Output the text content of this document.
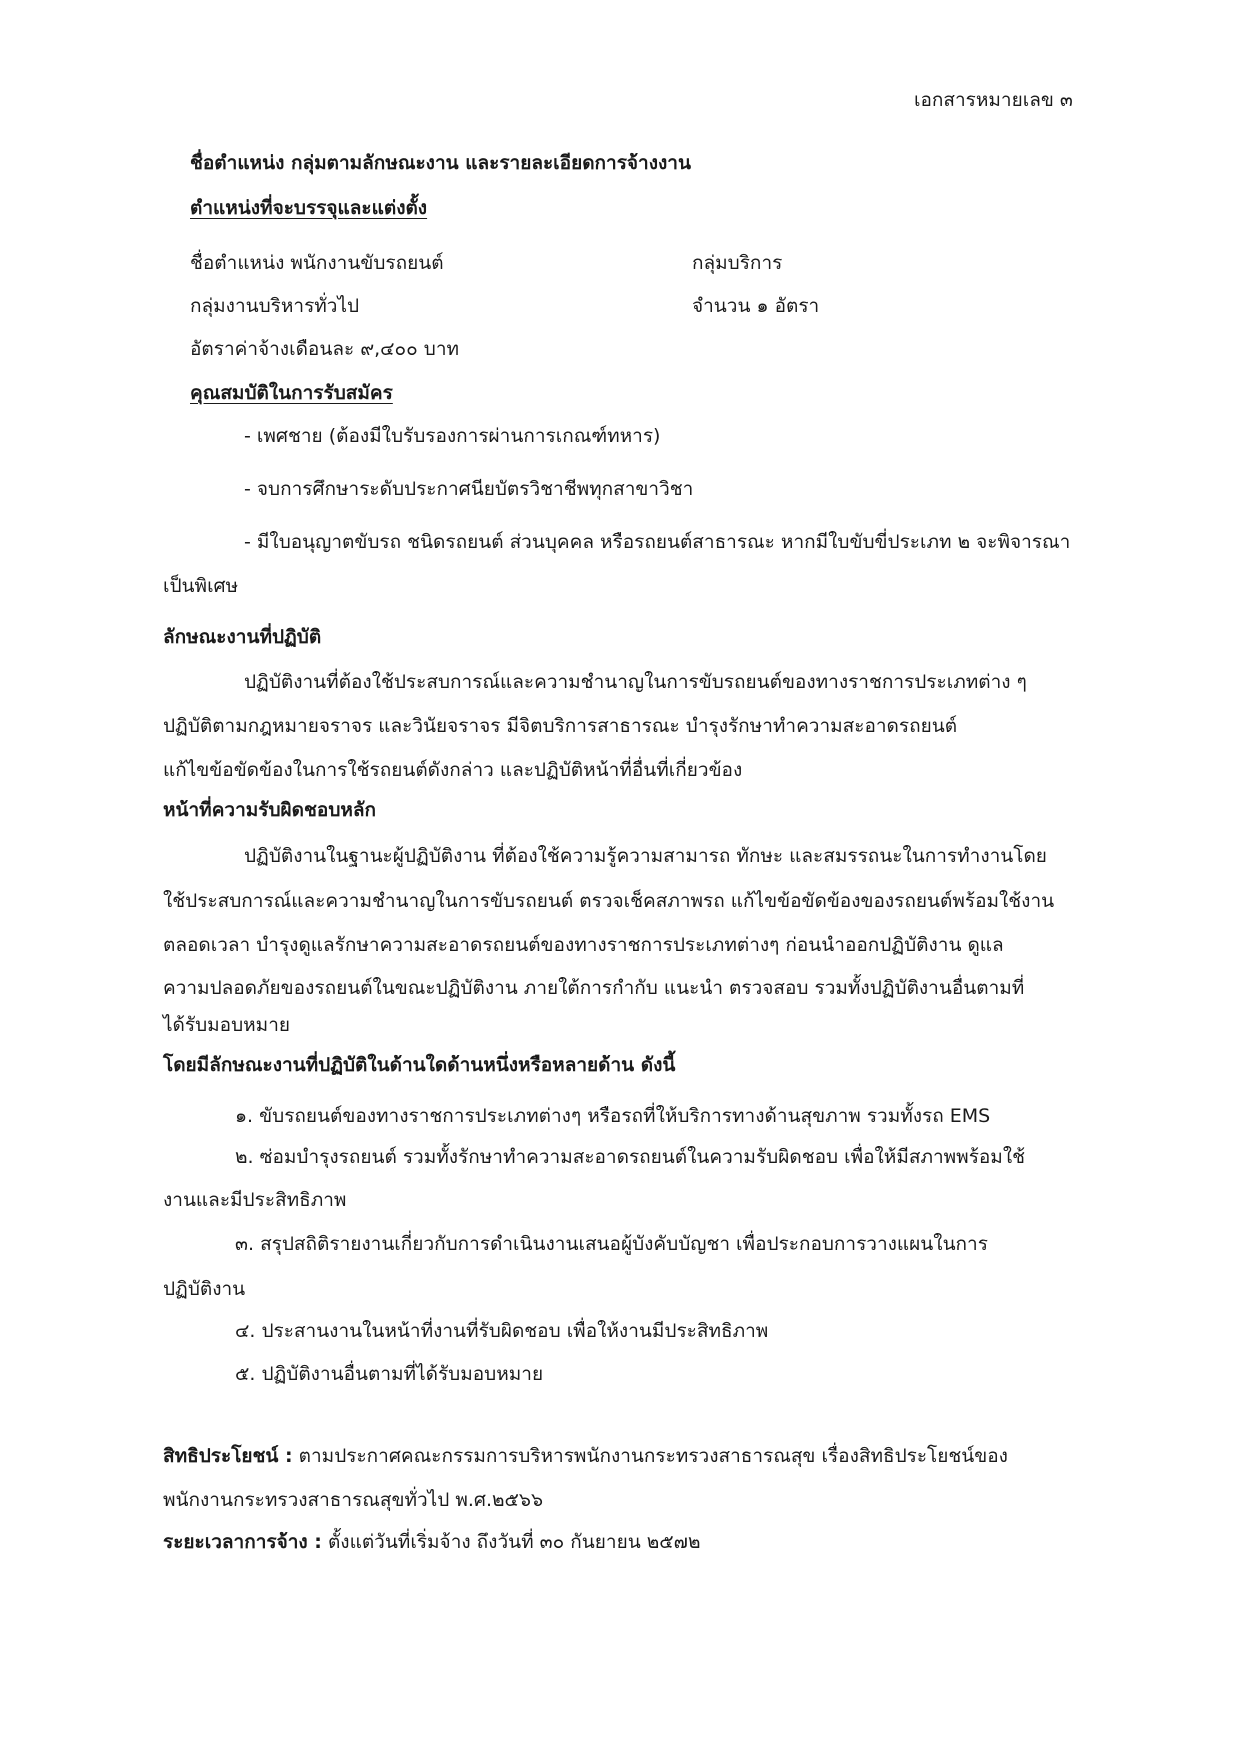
เอกสารหมายเลข ๓
ชื่อตำแหน่ง กลุ่มตามลักษณะงาน และรายละเอียดการจ้างงาน
ตำแหน่งที่จะบรรจุและแต่งตั้ง
ชื่อตำแหน่ง พนักงานขับรถยนต์	กลุ่มบริการ
กลุ่มงานบริหารทั่วไป	จำนวน ๑ อัตรา
อัตราค่าจ้างเดือนละ ๙,๔๐๐ บาท
คุณสมบัติในการรับสมัคร
- เพศชาย (ต้องมีใบรับรองการผ่านการเกณฑ์ทหาร)
- จบการศึกษาระดับประกาศนียบัตรวิชาชีพทุกสาขาวิชา
- มีใบอนุญาตขับรถ ชนิดรถยนต์ ส่วนบุคคล หรือรถยนต์สาธารณะ หากมีใบขับขี่ประเภท ๒ จะพิจารณา
เป็นพิเศษ
ลักษณะงานที่ปฏิบัติ
ปฏิบัติงานที่ต้องใช้ประสบการณ์และความชำนาญในการขับรถยนต์ของทางราชการประเภทต่าง ๆ
ปฏิบัติตามกฎหมายจราจร และวินัยจราจร มีจิตบริการสาธารณะ บำรุงรักษาทำความสะอาดรถยนต์
แก้ไขข้อขัดข้องในการใช้รถยนต์ดังกล่าว และปฏิบัติหน้าที่อื่นที่เกี่ยวข้อง
หน้าที่ความรับผิดชอบหลัก
ปฏิบัติงานในฐานะผู้ปฏิบัติงาน ที่ต้องใช้ความรู้ความสามารถ ทักษะ และสมรรถนะในการทำงานโดย
ใช้ประสบการณ์และความชำนาญในการขับรถยนต์ ตรวจเช็คสภาพรถ แก้ไขข้อขัดข้องของรถยนต์พร้อมใช้งาน
ตลอดเวลา บำรุงดูแลรักษาความสะอาดรถยนต์ของทางราชการประเภทต่างๆ ก่อนนำออกปฏิบัติงาน ดูแล
ความปลอดภัยของรถยนต์ในขณะปฏิบัติงาน ภายใต้การกำกับ แนะนำ ตรวจสอบ รวมทั้งปฏิบัติงานอื่นตามที่
ได้รับมอบหมาย
โดยมีลักษณะงานที่ปฏิบัติในด้านใดด้านหนึ่งหรือหลายด้าน ดังนี้
๑. ขับรถยนต์ของทางราชการประเภทต่างๆ หรือรถที่ให้บริการทางด้านสุขภาพ รวมทั้งรถ EMS
๒. ซ่อมบำรุงรถยนต์ รวมทั้งรักษาทำความสะอาดรถยนต์ในความรับผิดชอบ เพื่อให้มีสภาพพร้อมใช้
งานและมีประสิทธิภาพ
๓. สรุปสถิติรายงานเกี่ยวกับการดำเนินงานเสนอผู้บังคับบัญชา เพื่อประกอบการวางแผนในการ
ปฏิบัติงาน
๔. ประสานงานในหน้าที่งานที่รับผิดชอบ เพื่อให้งานมีประสิทธิภาพ
๕. ปฏิบัติงานอื่นตามที่ได้รับมอบหมาย
สิทธิประโยชน์ : ตามประกาศคณะกรรมการบริหารพนักงานกระทรวงสาธารณสุข เรื่องสิทธิประโยชน์ของ
พนักงานกระทรวงสาธารณสุขทั่วไป พ.ศ.๒๕๖๖
ระยะเวลาการจ้าง : ตั้งแต่วันที่เริ่มจ้าง ถึงวันที่ ๓๐ กันยายน ๒๕๗๒
